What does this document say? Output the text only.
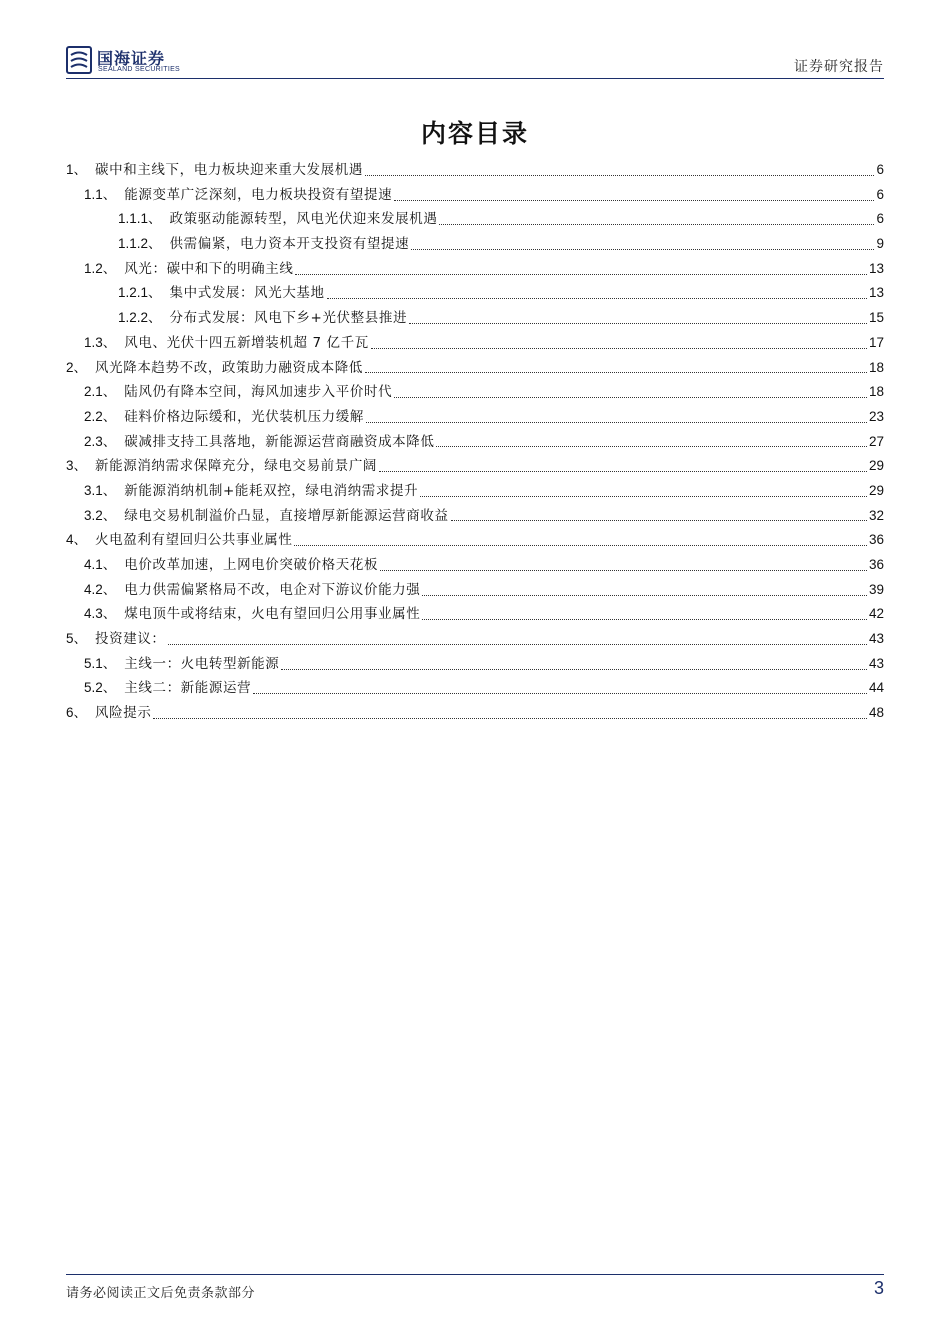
国海证券
SEALAND SECURITIES	证券研究报告
内容目录
1、 碳中和主线下，电力板块迎来重大发展机遇	6
1.1、 能源变革广泛深刻，电力板块投资有望提速	6
1.1.1、 政策驱动能源转型，风电光伏迎来发展机遇	6
1.1.2、 供需偏紧，电力资本开支投资有望提速	9
1.2、 风光：碳中和下的明确主线	13
1.2.1、 集中式发展：风光大基地	13
1.2.2、 分布式发展：风电下乡+光伏整县推进	15
1.3、 风电、光伏十四五新增装机超 7 亿千瓦	17
2、 风光降本趋势不改，政策助力融资成本降低	18
2.1、 陆风仍有降本空间，海风加速步入平价时代	18
2.2、 硅料价格边际缓和，光伏装机压力缓解	23
2.3、 碳减排支持工具落地，新能源运营商融资成本降低	27
3、 新能源消纳需求保障充分，绿电交易前景广阔	29
3.1、 新能源消纳机制+能耗双控，绿电消纳需求提升	29
3.2、 绿电交易机制溢价凸显，直接增厚新能源运营商收益	32
4、 火电盈利有望回归公共事业属性	36
4.1、 电价改革加速，上网电价突破价格天花板	36
4.2、 电力供需偏紧格局不改，电企对下游议价能力强	39
4.3、 煤电顶牛或将结束，火电有望回归公用事业属性	42
5、 投资建议：	43
5.1、 主线一：火电转型新能源	43
5.2、 主线二：新能源运营	44
6、 风险提示	48
请务必阅读正文后免责条款部分	3
